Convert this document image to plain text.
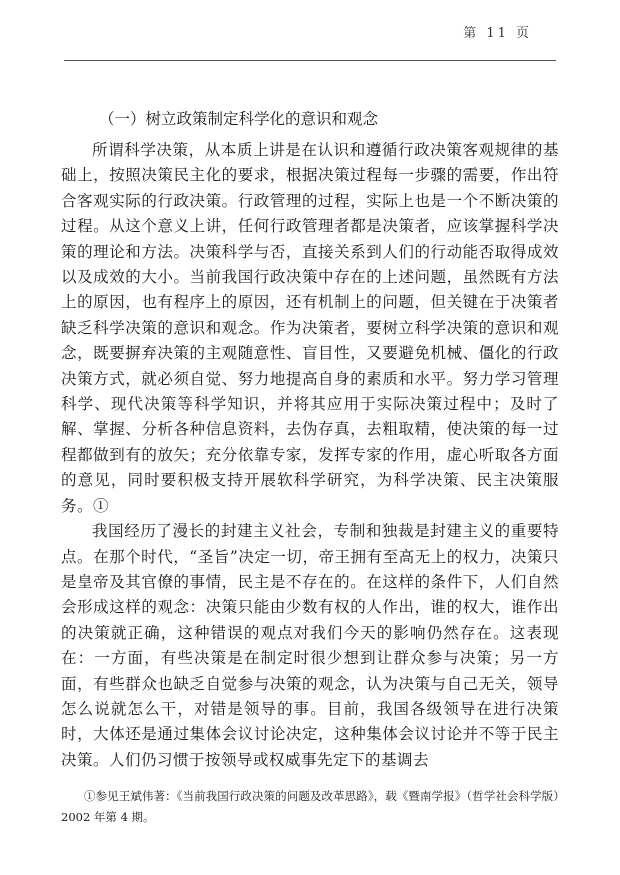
第 11 页
（一）树立政策制定科学化的意识和观念

所谓科学决策，从本质上讲是在认识和遵循行政决策客观规律的基础上，按照决策民主化的要求，根据决策过程每一步骤的需要，作出符合客观实际的行政决策。行政管理的过程，实际上也是一个不断决策的过程。从这个意义上讲，任何行政管理者都是决策者，应该掌握科学决策的理论和方法。决策科学与否，直接关系到人们的行动能否取得成效以及成效的大小。当前我国行政决策中存在的上述问题，虽然既有方法上的原因，也有程序上的原因，还有机制上的问题，但关键在于决策者缺乏科学决策的意识和观念。作为决策者，要树立科学决策的意识和观念，既要摒弃决策的主观随意性、盲目性，又要避免机械、僵化的行政决策方式，就必须自觉、努力地提高自身的素质和水平。努力学习管理科学、现代决策等科学知识，并将其应用于实际决策过程中；及时了解、掌握、分析各种信息资料，去伪存真，去粗取精，使决策的每一过程都做到有的放矢；充分依靠专家，发挥专家的作用，虚心听取各方面的意见，同时要积极支持开展软科学研究，为科学决策、民主决策服务。①

我国经历了漫长的封建主义社会，专制和独裁是封建主义的重要特点。在那个时代，“圣旨”决定一切，帝王拥有至高无上的权力，决策只是皇帝及其官僚的事情，民主是不存在的。在这样的条件下，人们自然会形成这样的观念：决策只能由少数有权的人作出，谁的权大，谁作出的决策就正确，这种错误的观点对我们今天的影响仍然存在。这表现在：一方面，有些决策是在制定时很少想到让群众参与决策；另一方面，有些群众也缺乏自觉参与决策的观念，认为决策与自己无关，领导怎么说就怎么干，对错是领导的事。目前，我国各级领导在进行决策时，大体还是通过集体会议讨论决定，这种集体会议讨论并不等于民主决策。人们仍习惯于按领导或权威事先定下的基调去

①参见王斌伟著：《当前我国行政决策的问题及改革思路》，载《暨南学报》（哲学社会科学版）2002 年第 4 期。
